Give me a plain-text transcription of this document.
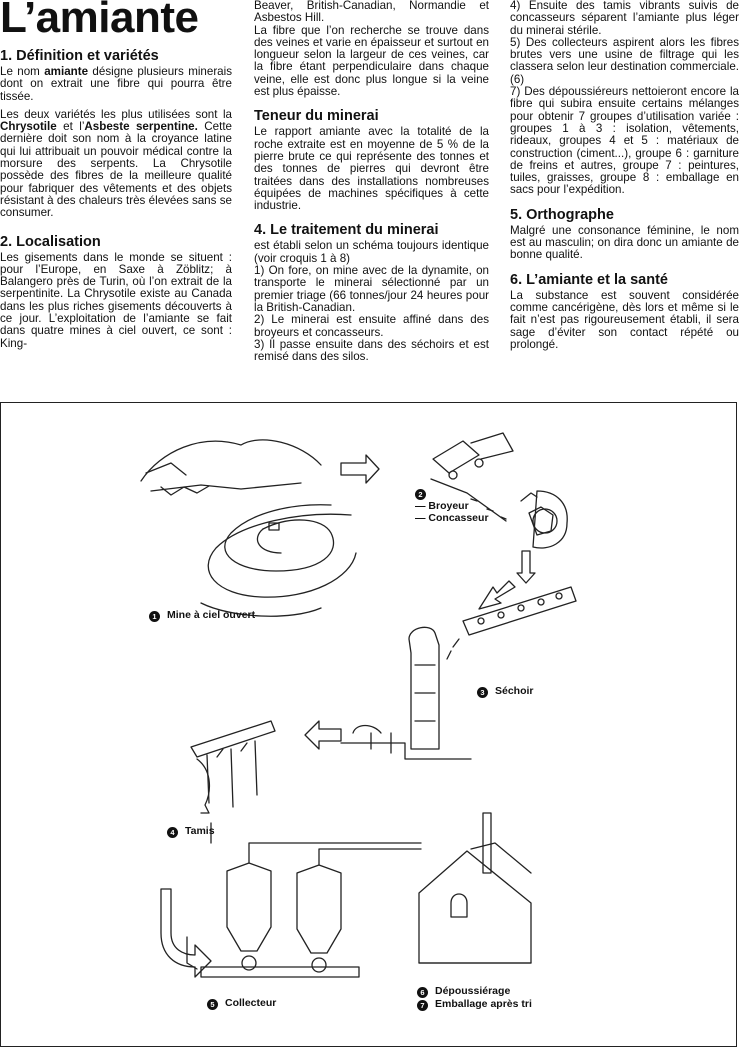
L’amiante
1. Définition et variétés

Le nom amiante désigne plusieurs minerais dont on extrait une fibre qui pourra être tissée.

Les deux variétés les plus utilisées sont la Chrysotile et l’Asbeste serpentine. Cette dernière doit son nom à la croyance latine qui lui attribuait un pouvoir médical contre la morsure des serpents. La Chrysotile possède des fibres de la meilleure qualité pour fabriquer des vêtements et des objets résistant à des chaleurs très élevées sans se consumer.

2. Localisation

Les gisements dans le monde se situent : pour l’Europe, en Saxe à Zöblitz; à Balangero près de Turin, où l’on extrait de la serpentinite. La Chrysotile existe au Canada dans les plus riches gisements découverts à ce jour. L’exploitation de l’amiante se fait dans quatre mines à ciel ouvert, ce sont : King-

Beaver, British-Canadian, Normandie et Asbestos Hill.

La fibre que l’on recherche se trouve dans des veines et varie en épaisseur et surtout en longueur selon la largeur de ces veines, car la fibre étant perpendiculaire dans chaque veine, elle est donc plus longue si la veine est plus épaisse.

Teneur du minerai

Le rapport amiante avec la totalité de la roche extraite est en moyenne de 5 % de la pierre brute ce qui représente des tonnes et des tonnes de pierres qui devront être traitées dans des installations nombreuses équipées de machines spécifiques à cette industrie.

4. Le traitement du minerai

est établi selon un schéma toujours identique (voir croquis 1 à 8)

1) On fore, on mine avec de la dynamite, on transporte le minerai sélectionné par un premier triage (66 tonnes/jour 24 heures pour la British-Canadian.

2) Le minerai est ensuite affiné dans des broyeurs et concasseurs.

3) Il passe ensuite dans des séchoirs et est remisé dans des silos.

4) Ensuite des tamis vibrants suivis de concasseurs séparent l’amiante plus léger du minerai stérile.

5) Des collecteurs aspirent alors les fibres brutes vers une usine de filtrage qui les classera selon leur destination commerciale.(6)

7) Des dépoussiéreurs nettoieront encore la fibre qui subira ensuite certains mélanges pour obtenir 7 groupes d’utilisation variée : groupes 1 à 3 : isolation, vêtements, rideaux, groupes 4 et 5 : matériaux de construction (ciment...), groupe 6 : garniture de freins et autres, groupe 7 : peintures, tuiles, graisses, groupe 8 : emballage en sacs pour l’expédition.

5. Orthographe

Malgré une consonance féminine, le nom est au masculin; on dira donc un amiante de bonne qualité.

6. L’amiante et la santé

La substance est souvent considérée comme cancérigène, dès lors et même si le fait n’est pas rigoureusement établi, il sera sage d’éviter son contact répété ou prolongé.

1 Mine à ciel ouvert
2
— Broyeur
— Concasseur
3 Séchoir
4 Tamis
5 Collecteur
6 Dépoussiérage
7 Emballage après tri
